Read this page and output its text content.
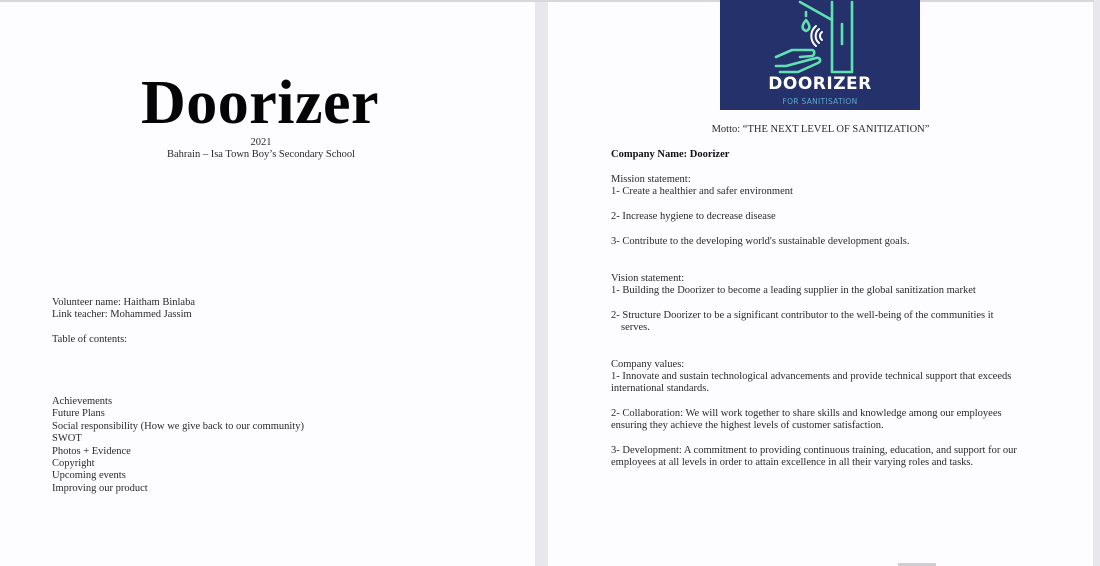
Doorizer
2021
Bahrain – Isa Town Boy’s Secondary School
Volunteer name: Haitham Binlaba
Link teacher: Mohammed Jassim
Table of contents:
Achievements
Future Plans
Social responsibility (How we give back to our community)
SWOT
Photos + Evidence
Copyright
Upcoming events
Improving our product
DOORIZER
FOR SANITISATION
Motto: “THE NEXT LEVEL OF SANITIZATION”
Company Name: Doorizer
Mission statement:
1- Create a healthier and safer environment
2- Increase hygiene to decrease disease
3- Contribute to the developing world's sustainable development goals.
Vision statement:
1- Building the Doorizer to become a leading supplier in the global sanitization market
2- Structure Doorizer to be a significant contributor to the well-being of the communities it
serves.
Company values:
1- Innovate and sustain technological advancements and provide technical support that exceeds international standards.
2- Collaboration: We will work together to share skills and knowledge among our employees ensuring they achieve the highest levels of customer satisfaction.
3- Development: A commitment to providing continuous training, education, and support for our employees at all levels in order to attain excellence in all their varying roles and tasks.
